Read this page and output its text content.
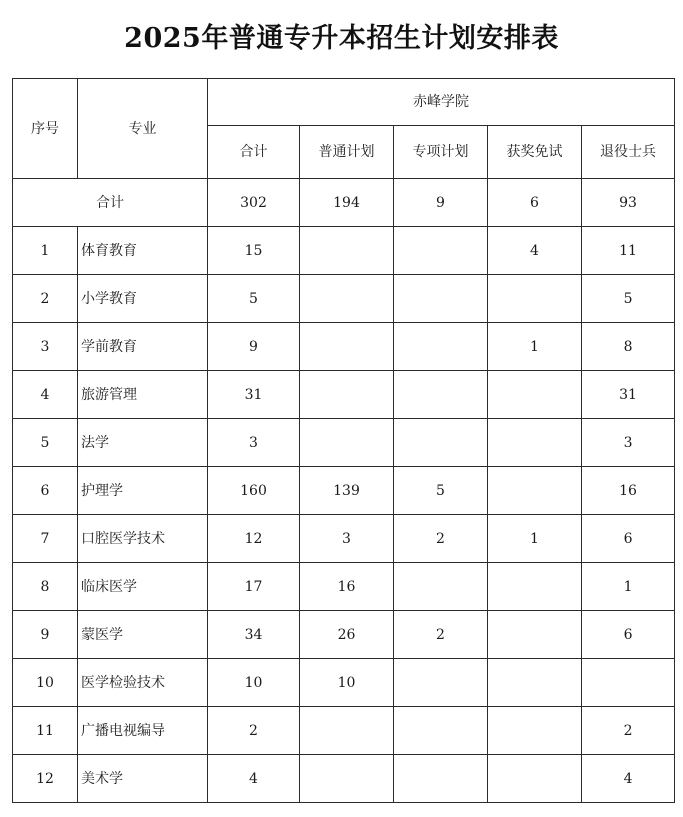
2025年普通专升本招生计划安排表
序号	专业	赤峰学院				
		合计	普通计划	专项计划	获奖免试	退役士兵
合计		302	194	9	6	93
1	体育教育	15			4	11
2	小学教育	5				5
3	学前教育	9			1	8
4	旅游管理	31				31
5	法学	3				3
6	护理学	160	139	5		16
7	口腔医学技术	12	3	2	1	6
8	临床医学	17	16			1
9	蒙医学	34	26	2		6
10	医学检验技术	10	10			
11	广播电视编导	2				2
12	美术学	4				4
